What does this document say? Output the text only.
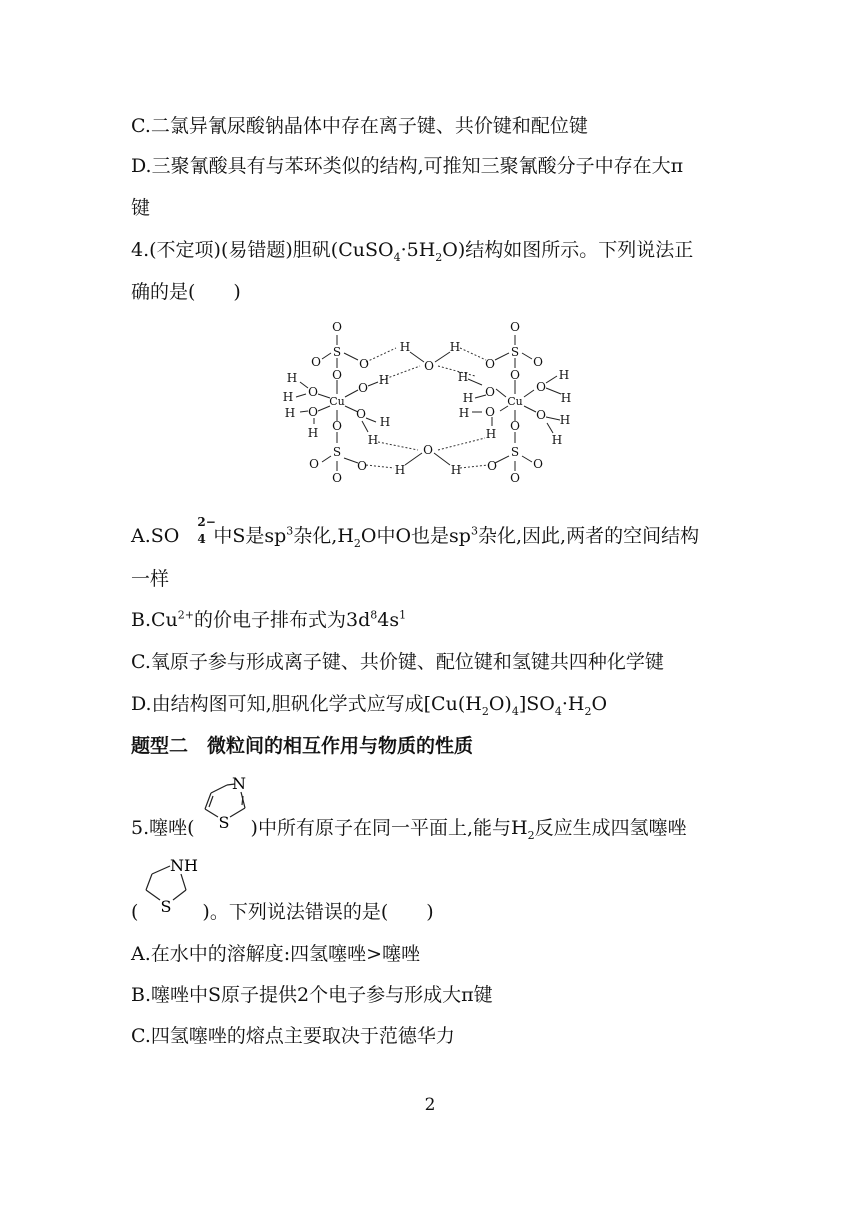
C.二氯异氰尿酸钠晶体中存在离子键、共价键和配位键
D.三聚氰酸具有与苯环类似的结构,可推知三聚氰酸分子中存在大π
键
4.(不定项)(易错题)胆矾$(CuSO_4\cdot 5H_2O)$结构如图所示。下列说法正
确的是(　　)
O
S
O	O
O
H
O
H	Cu
O
H
H O
H
O
H
H
O
S
O	O
O
H
O
H
H
O
H
O
S
O	O
O
H
O
H	Cu
O
H
H
H O
H
O H
H
O
S
O	O
O
A.SO
2−
4 中S是$sp^3$杂化$,H_2O$中O也是$sp^3$杂化,因此,两者的空间结构
一样
$B.Cu^{2+}$的价电子排布式为$3d^84s^1$
C.氧原子参与形成离子键、共价键、配位键和氢键共四种化学键
D.由结构图可知,胆矾化学式应写成$[Cu(H_2O)_4]SO_4\cdot H_2O$
题型二　微粒间的相互作用与物质的性质
5.噻唑(	)中所有原子在同一平面上,能与$H_2$反应生成四氢噻唑
N
S
(	)。下列说法错误的是(　　)
NH
S
A.在水中的溶解度:四氢噻唑>噻唑
B.噻唑中S原子提供2个电子参与形成大π键
C.四氢噻唑的熔点主要取决于范德华力
2
